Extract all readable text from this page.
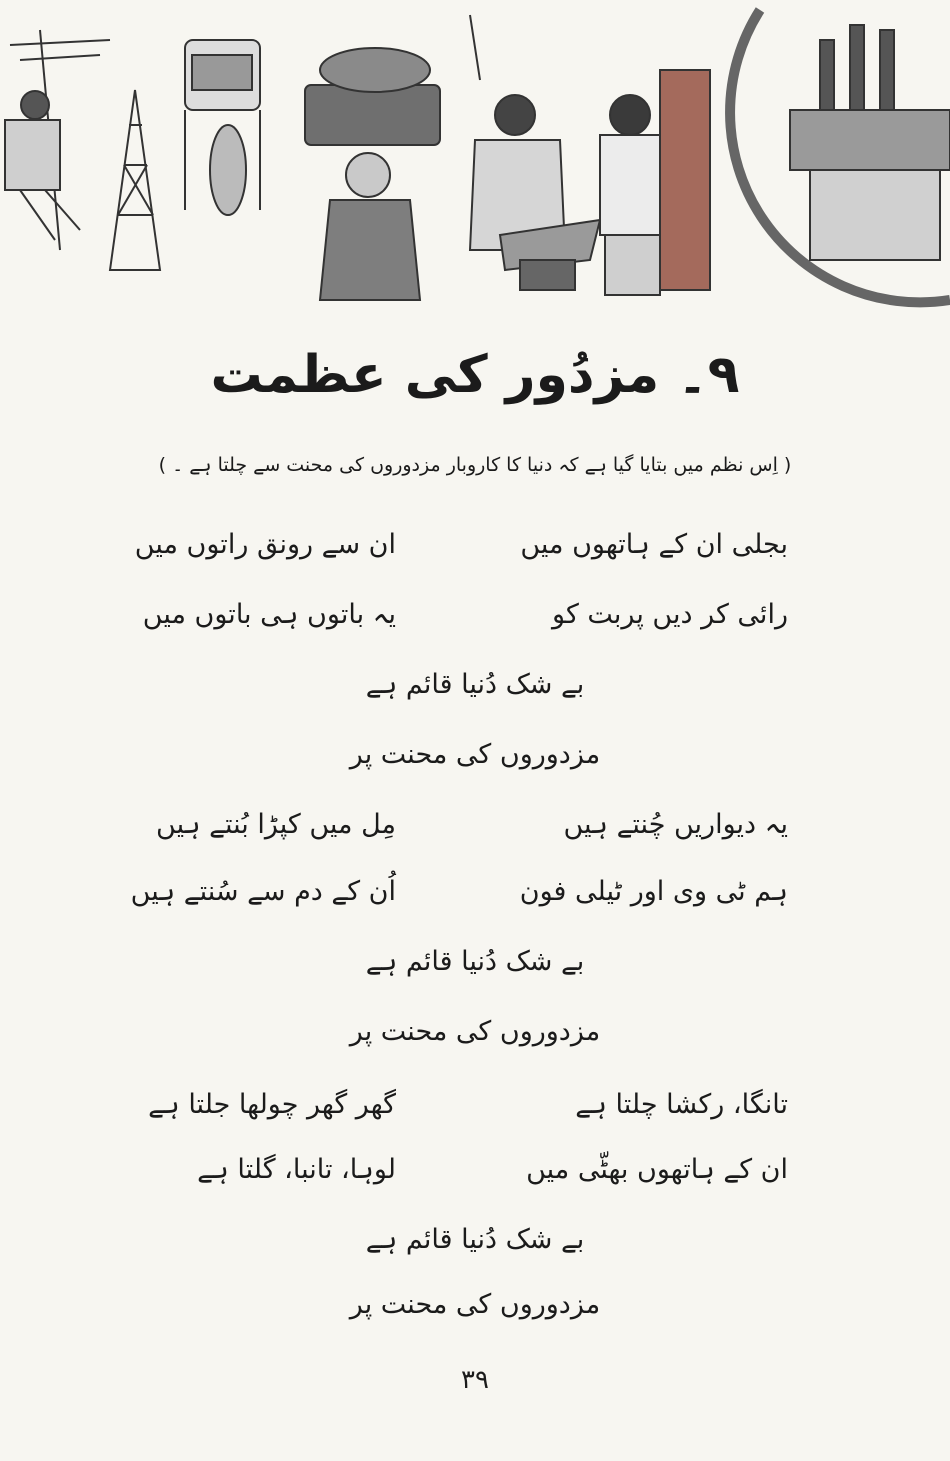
۹۔ مزدُور کی عظمت
( اِس نظم میں بتایا گیا ہے کہ دنیا کا کاروبار مزدوروں کی محنت سے چلتا ہے ۔ )
بجلی ان کے ہاتھوں میں
ان سے رونق راتوں میں
رائی کر دیں پربت کو
یہ باتوں ہی باتوں میں
بے شک دُنیا قائم ہے
مزدوروں کی محنت پر
یہ دیواریں چُنتے ہیں
مِل میں کپڑا بُنتے ہیں
ہم ٹی وی اور ٹیلی فون
اُن کے دم سے سُنتے ہیں
بے شک دُنیا قائم ہے
مزدوروں کی محنت پر
تانگا، رکشا چلتا ہے
گھر گھر چولھا جلتا ہے
ان کے ہاتھوں بھٹّی میں
لوہا، تانبا، گلتا ہے
بے شک دُنیا قائم ہے
مزدوروں کی محنت پر
۳۹
